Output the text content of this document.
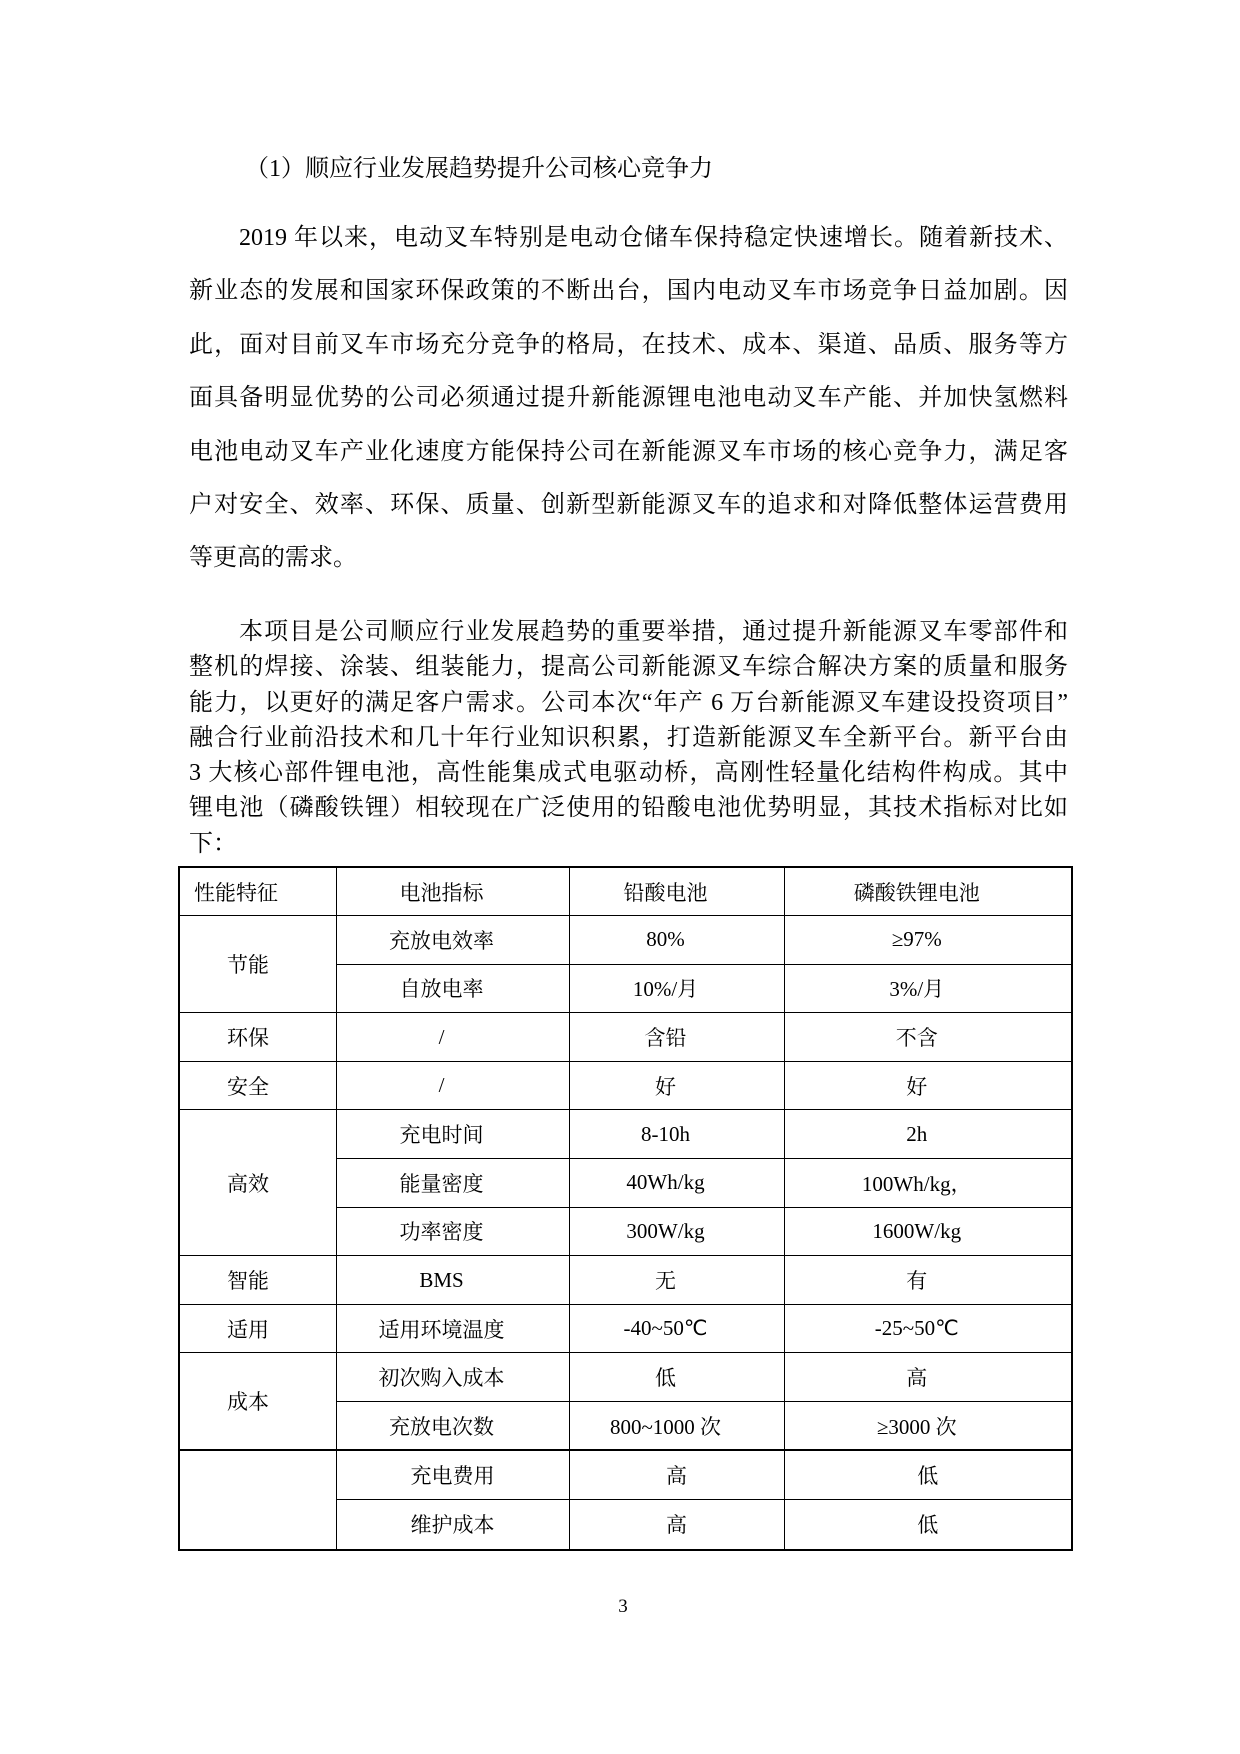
（1）顺应行业发展趋势提升公司核心竞争力
2019 年以来，电动叉车特别是电动仓储车保持稳定快速增长。随着新技术、
新业态的发展和国家环保政策的不断出台，国内电动叉车市场竞争日益加剧。因
此，面对目前叉车市场充分竞争的格局，在技术、成本、渠道、品质、服务等方
面具备明显优势的公司必须通过提升新能源锂电池电动叉车产能、并加快氢燃料
电池电动叉车产业化速度方能保持公司在新能源叉车市场的核心竞争力，满足客
户对安全、效率、环保、质量、创新型新能源叉车的追求和对降低整体运营费用
等更高的需求。
本项目是公司顺应行业发展趋势的重要举措，通过提升新能源叉车零部件和
整机的焊接、涂装、组装能力，提高公司新能源叉车综合解决方案的质量和服务
能力，以更好的满足客户需求。公司本次“年产 6 万台新能源叉车建设投资项目”
融合行业前沿技术和几十年行业知识积累，打造新能源叉车全新平台。新平台由
3 大核心部件锂电池，高性能集成式电驱动桥，高刚性轻量化结构件构成。其中
锂电池（磷酸铁锂）相较现在广泛使用的铅酸电池优势明显，其技术指标对比如
下：
性能特征	电池指标	铅酸电池	磷酸铁锂电池
节能	充放电效率	80%	≥97%
	自放电率	10%/月	3%/月
环保	/	含铅	不含
安全	/	好	好
高效	充电时间	8-10h	2h
	能量密度	40Wh/kg	100Wh/kg，
	功率密度	300W/kg	1600W/kg
智能	BMS	无	有
适用	适用环境温度	-40~50℃	-25~50℃
成本	初次购入成本	低	高
	充放电次数	800~1000 次	≥3000 次
	充电费用	高	低
	维护成本	高	低
3
